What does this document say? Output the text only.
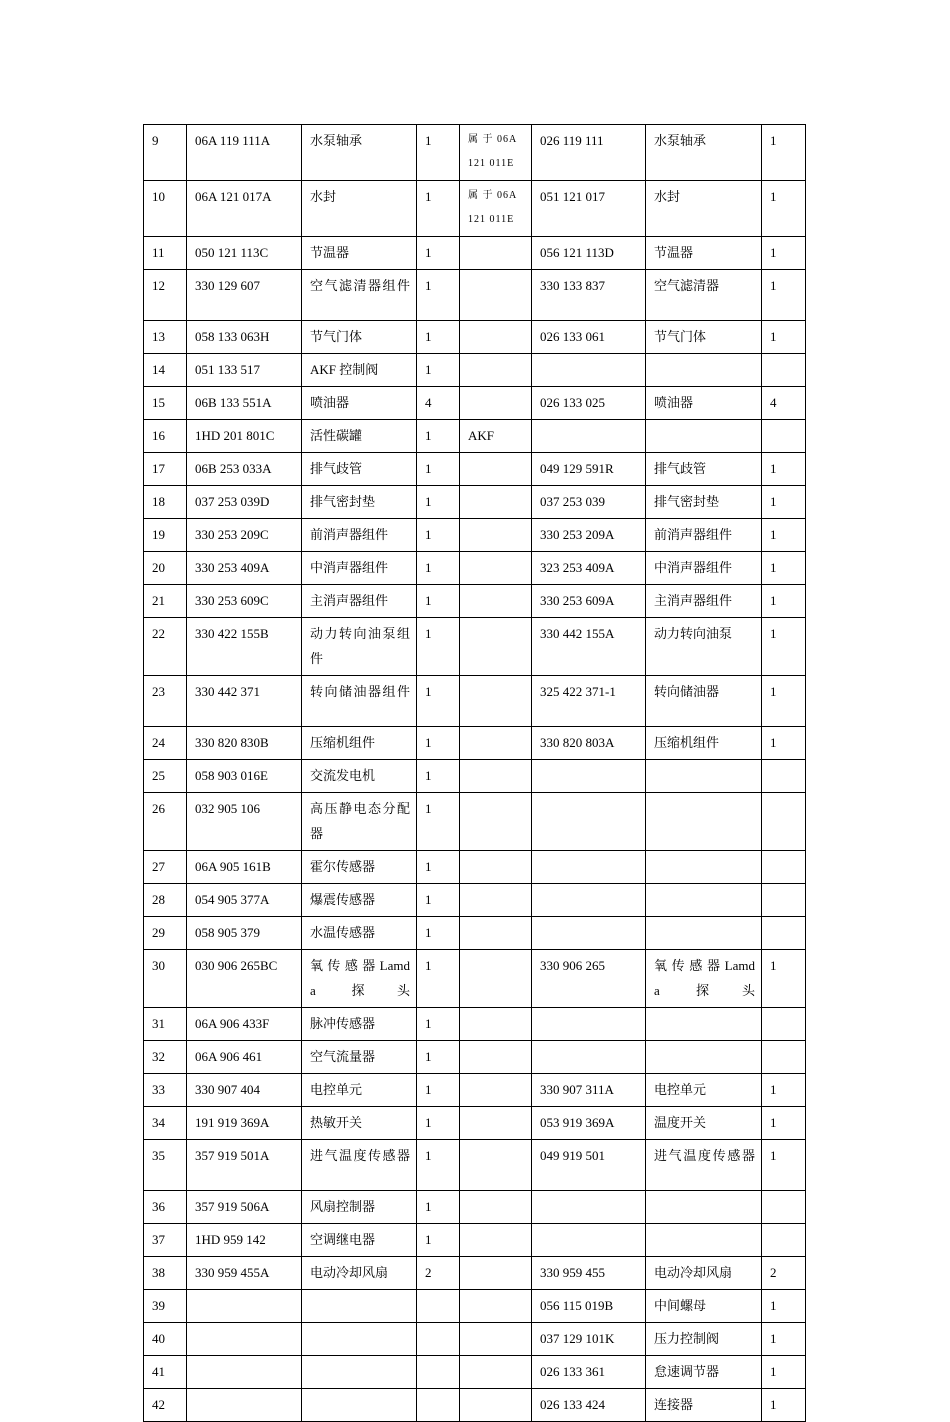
9	06A 119 111A	水泵轴承	1	属 于 06A 121 011E	026 119 111	水泵轴承	1
10	06A 121 017A	水封	1	属 于 06A 121 011E	051 121 017	水封	1
11	050 121 113C	节温器	1		056 121 113D	节温器	1
12	330 129 607	空气滤清器组件	1		330 133 837	空气滤清器	1
13	058 133 063H	节气门体	1		026 133 061	节气门体	1
14	051 133 517	AKF 控制阀	1				
15	06B 133 551A	喷油器	4		026 133 025	喷油器	4
16	1HD 201 801C	活性碳罐	1	AKF			
17	06B 253 033A	排气歧管	1		049 129 591R	排气歧管	1
18	037 253 039D	排气密封垫	1		037 253 039	排气密封垫	1
19	330 253 209C	前消声器组件	1		330 253 209A	前消声器组件	1
20	330 253 409A	中消声器组件	1		323 253 409A	中消声器组件	1
21	330 253 609C	主消声器组件	1		330 253 609A	主消声器组件	1
22	330 422 155B	动力转向油泵组件	1		330 442 155A	动力转向油泵	1
23	330 442 371	转向储油器组件	1		325 422 371-1	转向储油器	1
24	330 820 830B	压缩机组件	1		330 820 803A	压缩机组件	1
25	058 903 016E	交流发电机	1				
26	032 905 106	高压静电态分配器	1				
27	06A 905 161B	霍尔传感器	1				
28	054 905 377A	爆震传感器	1				
29	058 905 379	水温传感器	1				
30	030 906 265BC	氧 传 感 器 Lamda 探头	1		330 906 265	氧 传 感 器 Lamda 探头	1
31	06A 906 433F	脉冲传感器	1				
32	06A 906 461	空气流量器	1				
33	330 907 404	电控单元	1		330 907 311A	电控单元	1
34	191 919 369A	热敏开关	1		053 919 369A	温度开关	1
35	357 919 501A	进气温度传感器	1		049 919 501	进气温度传感器	1
36	357 919 506A	风扇控制器	1				
37	1HD 959 142	空调继电器	1				
38	330 959 455A	电动冷却风扇	2		330 959 455	电动冷却风扇	2
39					056 115 019B	中间螺母	1
40					037 129 101K	压力控制阀	1
41					026 133 361	怠速调节器	1
42					026 133 424	连接器	1
